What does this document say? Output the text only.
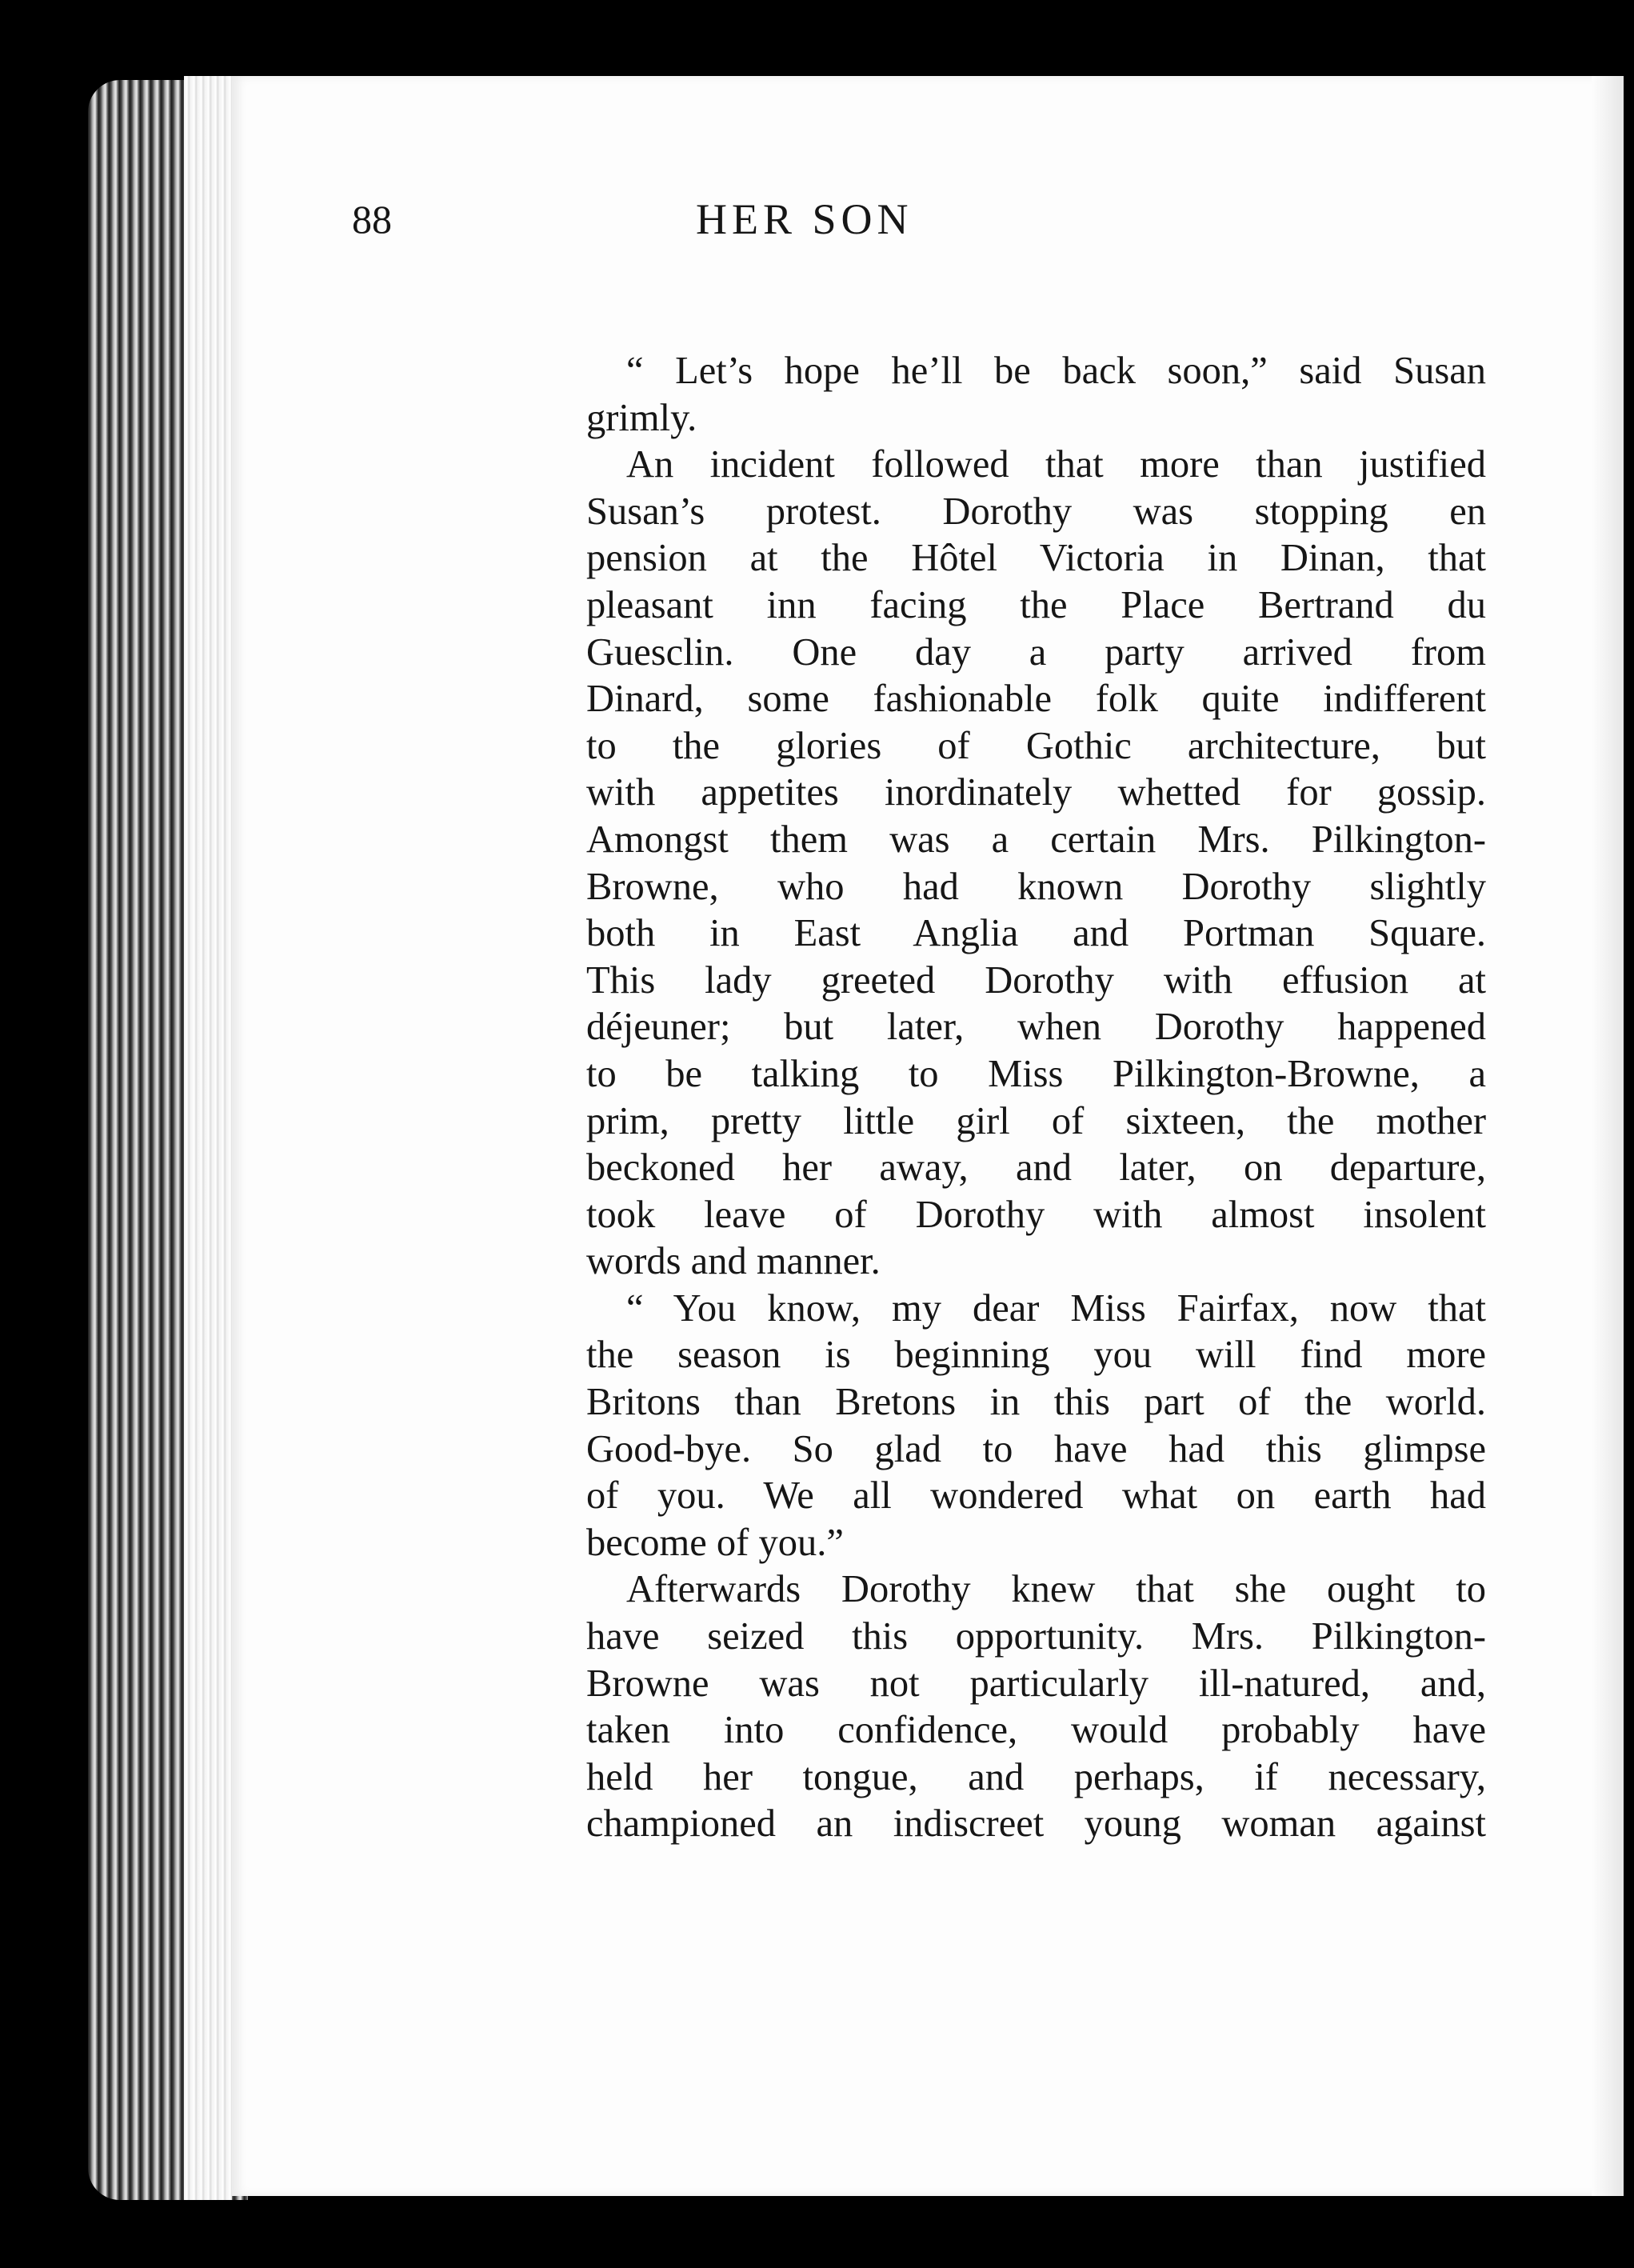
88	HER SON
“ Let’s hope he’ll be back soon,” said Susan
grimly.
An incident followed that more than justified
Susan’s protest. Dorothy was stopping en
pension at the Hôtel Victoria in Dinan, that
pleasant inn facing the Place Bertrand du
Guesclin. One day a party arrived from
Dinard, some fashionable folk quite indifferent
to the glories of Gothic architecture, but
with appetites inordinately whetted for gossip.
Amongst them was a certain Mrs. Pilkington-
Browne, who had known Dorothy slightly
both in East Anglia and Portman Square.
This lady greeted Dorothy with effusion at
déjeuner; but later, when Dorothy happened
to be talking to Miss Pilkington-Browne, a
prim, pretty little girl of sixteen, the mother
beckoned her away, and later, on departure,
took leave of Dorothy with almost insolent
words and manner.
“ You know, my dear Miss Fairfax, now that
the season is beginning you will find more
Britons than Bretons in this part of the world.
Good-bye. So glad to have had this glimpse
of you. We all wondered what on earth had
become of you.”
Afterwards Dorothy knew that she ought to
have seized this opportunity. Mrs. Pilkington-
Browne was not particularly ill-natured, and,
taken into confidence, would probably have
held her tongue, and perhaps, if necessary,
championed an indiscreet young woman against
